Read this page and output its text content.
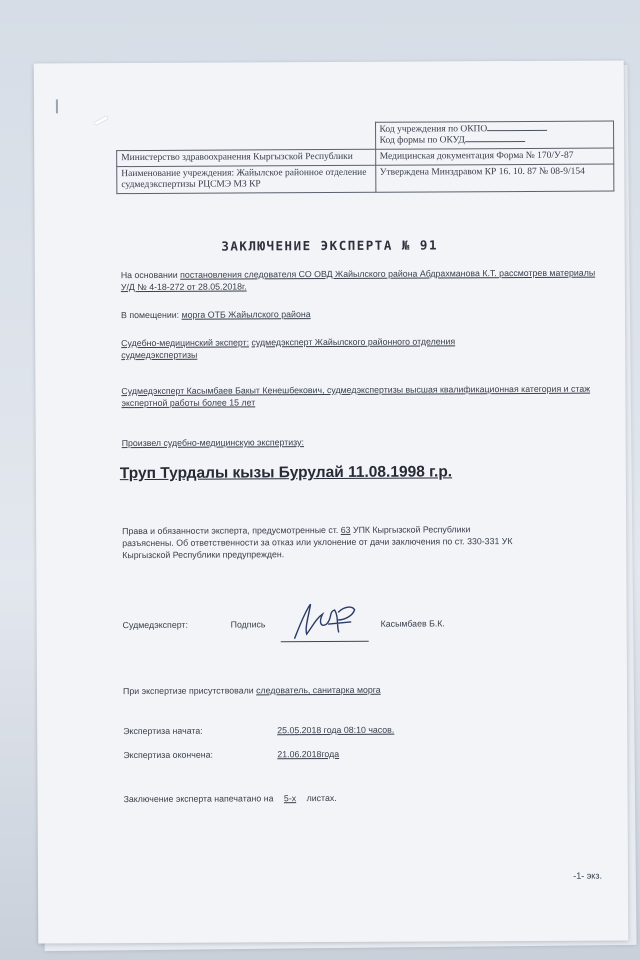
	Код учреждения по ОКПО
Код формы по ОКУД
Министерство здравоохранения Кыргызской Республики	Медицинская документация Форма № 170/У-87
Наименование учреждения: Жайылское районное отделение судмедэкспертизы РЦСМЭ МЗ КР	Утверждена Минздравом КР 16. 10. 87 № 08-9/154
ЗАКЛЮЧЕНИЕ ЭКСПЕРТА № 91
На основании постановления следователя СО ОВД Жайылского района Абдрахманова К.Т. рассмотрев материалы У/Д № 4-18-272 от 28.05.2018г.
В помещении: морга ОТБ Жайылского района
Судебно-медицинский эксперт: судмедэксперт Жайылского районного отделения судмедэкспертизы
Судмедэксперт Касымбаев Бакыт Кенешбекович, судмедэкспертизы высшая квалификационная категория и стаж экспертной работы более 15 лет
Произвел судебно-медицинскую экспертизу:
Труп Турдалы кызы Бурулай 11.08.1998 г.р.
Права и обязанности эксперта, предусмотренные ст. 63 УПК Кыргызской Республики
разъяснены. Об ответственности за отказ или уклонение от дачи заключения по ст. 330-331 УК
Кыргызской Республики предупрежден.
Судмедэксперт:	Подпись	Касымбаев Б.К.
При экспертизе присутствовали следователь, санитарка морга
Экспертиза начата:	25.05.2018 года 08:10 часов.
Экспертиза окончена:	21.06.2018года
Заключение эксперта напечатано на 5-х листах.
-1- экз.
